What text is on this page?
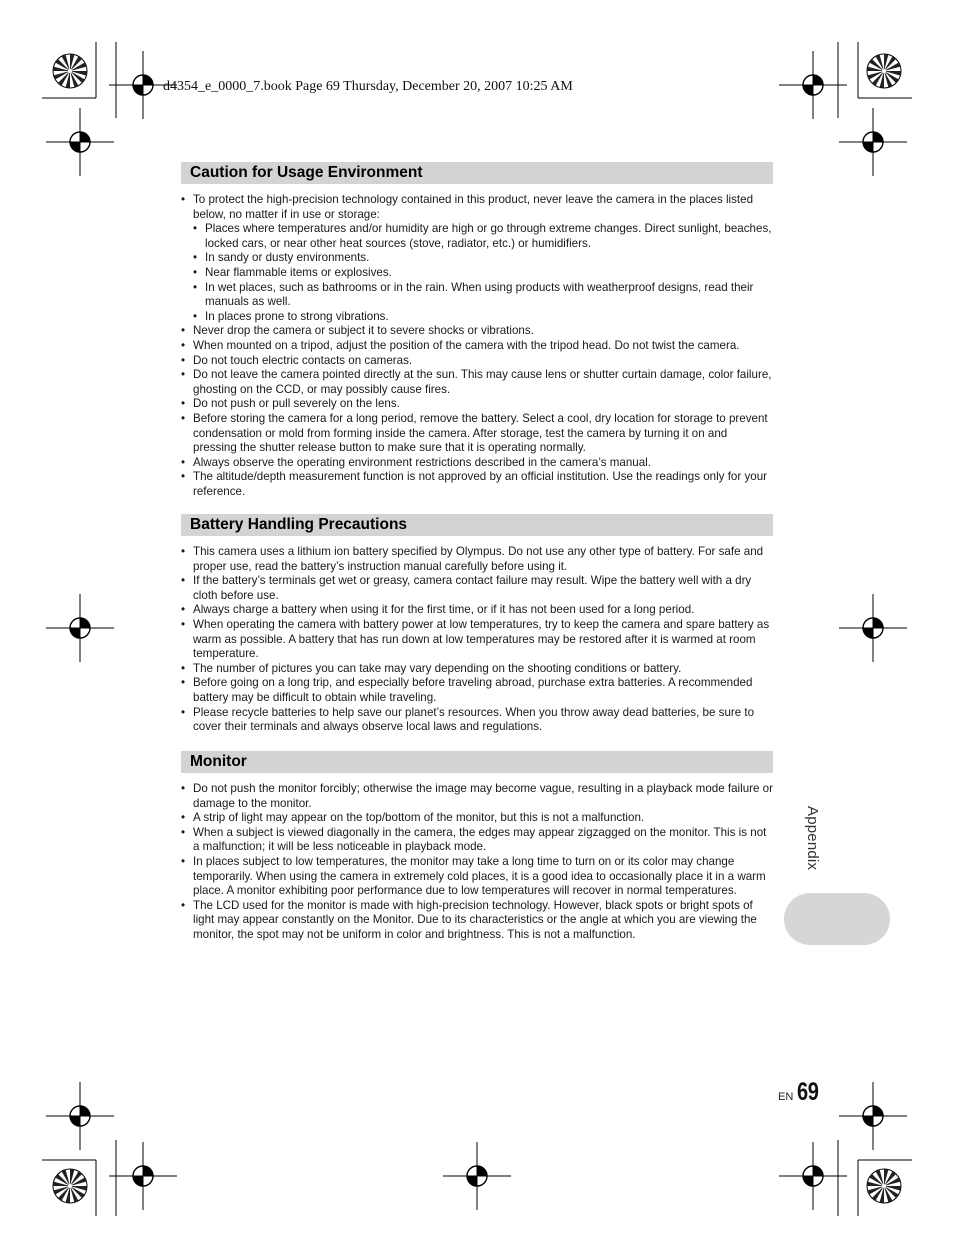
d4354_e_0000_7.book Page 69 Thursday, December 20, 2007 10:25 AM
Caution for Usage Environment
• To protect the high-precision technology contained in this product, never leave the camera in the places listed below, no matter if in use or storage:
• Places where temperatures and/or humidity are high or go through extreme changes. Direct sunlight, beaches, locked cars, or near other heat sources (stove, radiator, etc.) or humidifiers.
• In sandy or dusty environments.
• Near flammable items or explosives.
• In wet places, such as bathrooms or in the rain. When using products with weatherproof designs, read their manuals as well.
• In places prone to strong vibrations.
• Never drop the camera or subject it to severe shocks or vibrations.
• When mounted on a tripod, adjust the position of the camera with the tripod head. Do not twist the camera.
• Do not touch electric contacts on cameras.
• Do not leave the camera pointed directly at the sun. This may cause lens or shutter curtain damage, color failure, ghosting on the CCD, or may possibly cause fires.
• Do not push or pull severely on the lens.
• Before storing the camera for a long period, remove the battery. Select a cool, dry location for storage to prevent condensation or mold from forming inside the camera. After storage, test the camera by turning it on and pressing the shutter release button to make sure that it is operating normally.
• Always observe the operating environment restrictions described in the camera’s manual.
• The altitude/depth measurement function is not approved by an official institution. Use the readings only for your reference.
Battery Handling Precautions
• This camera uses a lithium ion battery specified by Olympus. Do not use any other type of battery. For safe and proper use, read the battery’s instruction manual carefully before using it.
• If the battery’s terminals get wet or greasy, camera contact failure may result. Wipe the battery well with a dry cloth before use.
• Always charge a battery when using it for the first time, or if it has not been used for a long period.
• When operating the camera with battery power at low temperatures, try to keep the camera and spare battery as warm as possible. A battery that has run down at low temperatures may be restored after it is warmed at room temperature.
• The number of pictures you can take may vary depending on the shooting conditions or battery.
• Before going on a long trip, and especially before traveling abroad, purchase extra batteries. A recommended battery may be difficult to obtain while traveling.
• Please recycle batteries to help save our planet’s resources. When you throw away dead batteries, be sure to cover their terminals and always observe local laws and regulations.
Monitor
• Do not push the monitor forcibly; otherwise the image may become vague, resulting in a playback mode failure or damage to the monitor.
• A strip of light may appear on the top/bottom of the monitor, but this is not a malfunction.
• When a subject is viewed diagonally in the camera, the edges may appear zigzagged on the monitor. This is not a malfunction; it will be less noticeable in playback mode.
• In places subject to low temperatures, the monitor may take a long time to turn on or its color may change temporarily. When using the camera in extremely cold places, it is a good idea to occasionally place it in a warm place. A monitor exhibiting poor performance due to low temperatures will recover in normal temperatures.
• The LCD used for the monitor is made with high-precision technology. However, black spots or bright spots of light may appear constantly on the Monitor. Due to its characteristics or the angle at which you are viewing the monitor, the spot may not be uniform in color and brightness. This is not a malfunction.
Appendix
EN 69
